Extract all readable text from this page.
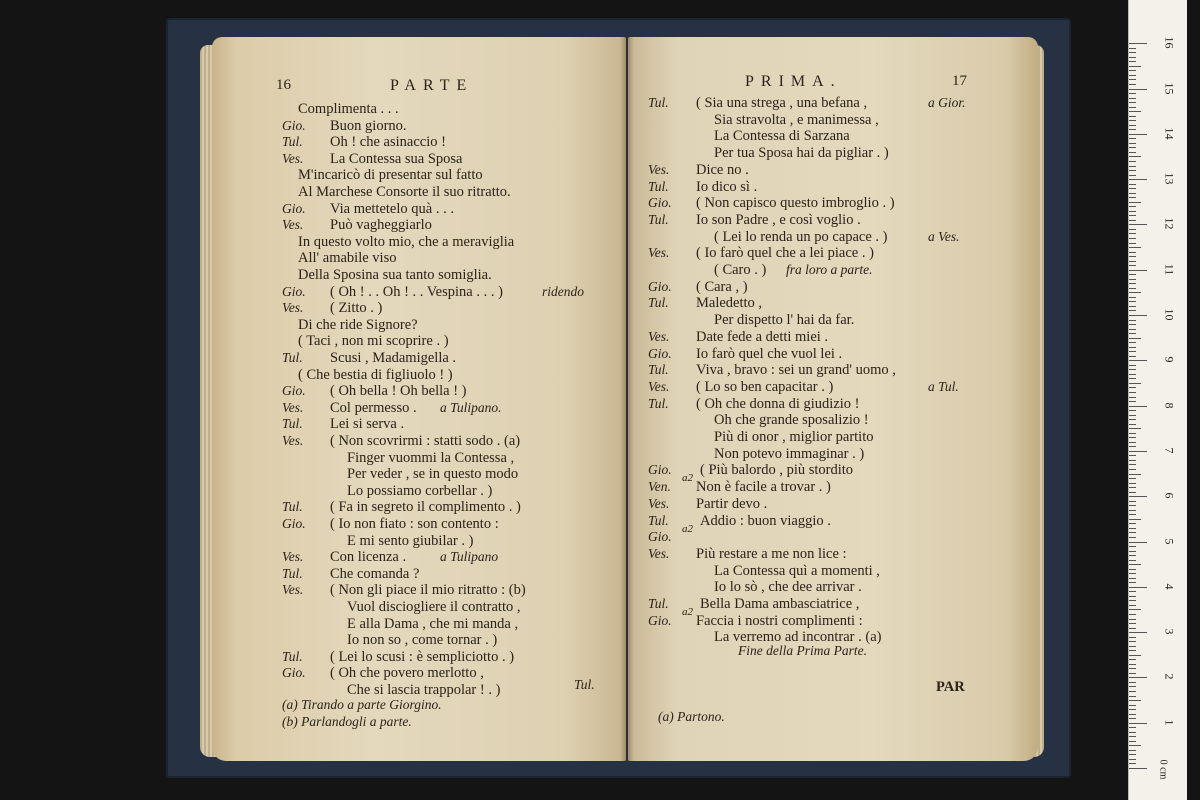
16	PARTE
Complimenta . . .
Gio. Buon giorno.
Tul. Oh ! che asinaccio !
Ves. La Contessa sua Sposa
M'incaricò di presentar sul fatto
Al Marchese Consorte il suo ritratto.
Gio. Via mettetelo quà . . .
Ves. Può vagheggiarlo
In questo volto mio, che a meraviglia
All' amabile viso
Della Sposina sua tanto somiglia.
Gio. ( Oh ! . . Oh ! . . Vespina . . . )	ridendo
Ves. ( Zitto . )
Di che ride Signore?
( Taci , non mi scoprire . )
Tul. Scusi , Madamigella .
( Che bestia di figliuolo ! )
Gio. ( Oh bella ! Oh bella ! )
Ves. Col permesso . a Tulipano.
Tul. Lei si serva .
Ves. ( Non scovrirmi : statti sodo . (a)
Finger vuommi la Contessa ,
Per veder , se in questo modo
Lo possiamo corbellar . )
Tul. ( Fa in segreto il complimento . )
Gio. ( Io non fiato : son contento :
E mi sento giubilar . )
Ves. Con licenza .	a Tulipano
Tul. Che comanda ?
Ves. ( Non gli piace il mio ritratto : (b)
Vuol disciogliere il contratto ,
E alla Dama , che mi manda ,
Io non so , come tornar . )
Tul. ( Lei lo scusi : è sempliciotto . )
Gio. ( Oh che povero merlotto ,
Che si lascia trappolar ! . )	Tul.
(a) Tirando a parte Giorgino.
(b) Parlandogli a parte.
PRIMA.	17
Tul. ( Sia una strega , una befana ,	a Gior.
Sia stravolta , e manimessa ,
La Contessa di Sarzana
Per tua Sposa hai da pigliar . )
Ves. Dice no .
Tul. Io dico sì .
Gio. ( Non capisco questo imbroglio . )
Tul. Io son Padre , e così voglio .
( Lei lo renda un po capace . )	a Ves.
Ves. ( Io farò quel che a lei piace . )
( Caro . ) fra loro a parte.
Gio. ( Cara , )
Tul. Maledetto ,
Per dispetto l' hai da far.
Ves. Date fede a detti miei .
Gio. Io farò quel che vuol lei .
Tul. Viva , bravo : sei un grand' uomo ,
Ves. ( Lo so ben capacitar . )	a Tul.
Tul. ( Oh che donna di giudizio !
Oh che grande sposalizio !
Più di onor , miglior partito
Non potevo immaginar . )
Gio.
a2 ( Più balordo , più stordito
Ven. Non è facile a trovar . )
Ves. Partir devo .
Tul.
a2 Addio : buon viaggio .
Gio.
Ves. Più restare a me non lice :
La Contessa quì a momenti ,
Io lo sò , che dee arrivar .
Tul.
a2 Bella Dama ambasciatrice ,
Gio. Faccia i nostri complimenti :
La verremo ad incontrar . (a)
Fine della Prima Parte.
PAR
(a) Partono.
0 cm
1
2
3
4
5
6
7
8
9
10
11
12
13
14
15
16
